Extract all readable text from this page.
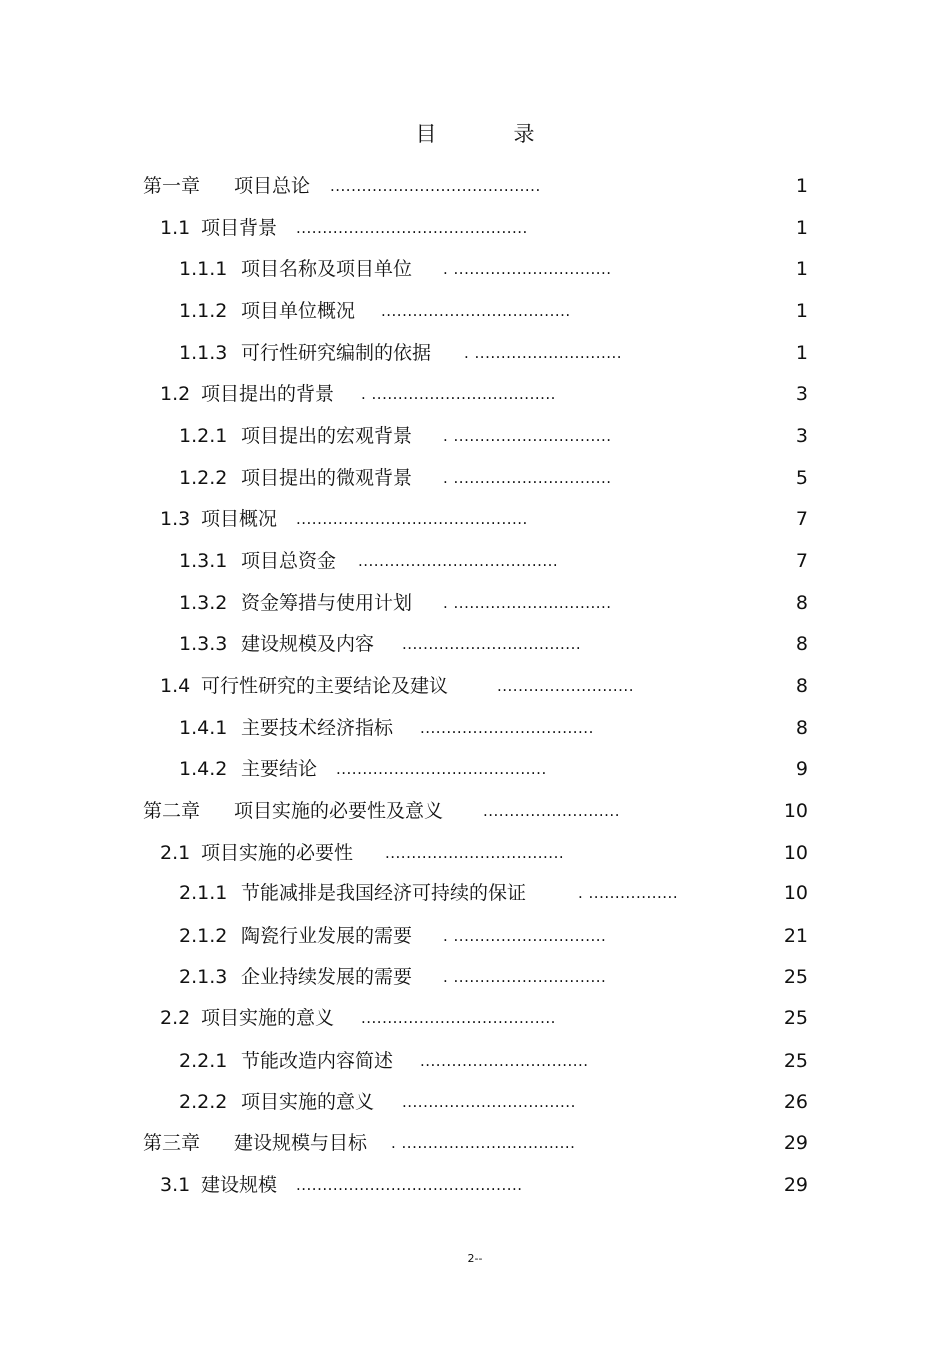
目　录
第一章 项目总论 ........................................	1
1.1 项目背景 ............................................	1
1.1.1 项目名称及项目单位 . ..............................	1
1.1.2 项目单位概况 ....................................	1
1.1.3 可行性研究编制的依据 . ............................	1
1.2 项目提出的背景 . ...................................	3
1.2.1 项目提出的宏观背景 . ..............................	3
1.2.2 项目提出的微观背景 . ..............................	5
1.3 项目概况 ............................................	7
1.3.1 项目总资金 ......................................	7
1.3.2 资金筹措与使用计划 . ..............................	8
1.3.3 建设规模及内容 ..................................	8
1.4 可行性研究的主要结论及建议	..........................	8
1.4.1 主要技术经济指标 .................................	8
1.4.2 主要结论 ........................................	9
第二章 项目实施的必要性及意义	..........................	10
2.1 项目实施的必要性 ..................................	10
2.1.1 节能减排是我国经济可持续的保证	. .................	10
2.1.2 陶瓷行业发展的需要 . .............................	21
2.1.3 企业持续发展的需要 . .............................	25
2.2 项目实施的意义 .....................................	25
2.2.1 节能改造内容简述 ................................	25
2.2.2 项目实施的意义 .................................	26
第三章 建设规模与目标 . .................................	29
3.1 建设规模 ...........................................	29
2--
